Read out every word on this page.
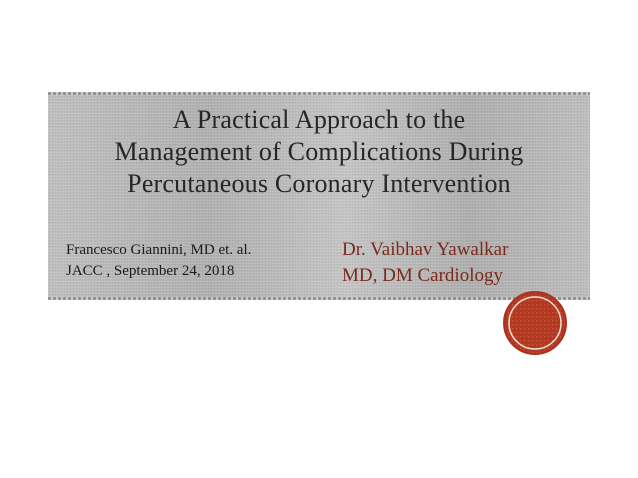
A Practical Approach to the
Management of Complications During
Percutaneous Coronary Intervention
Francesco Giannini, MD et. al.
JACC , September 24, 2018
Dr. Vaibhav Yawalkar
MD, DM Cardiology
